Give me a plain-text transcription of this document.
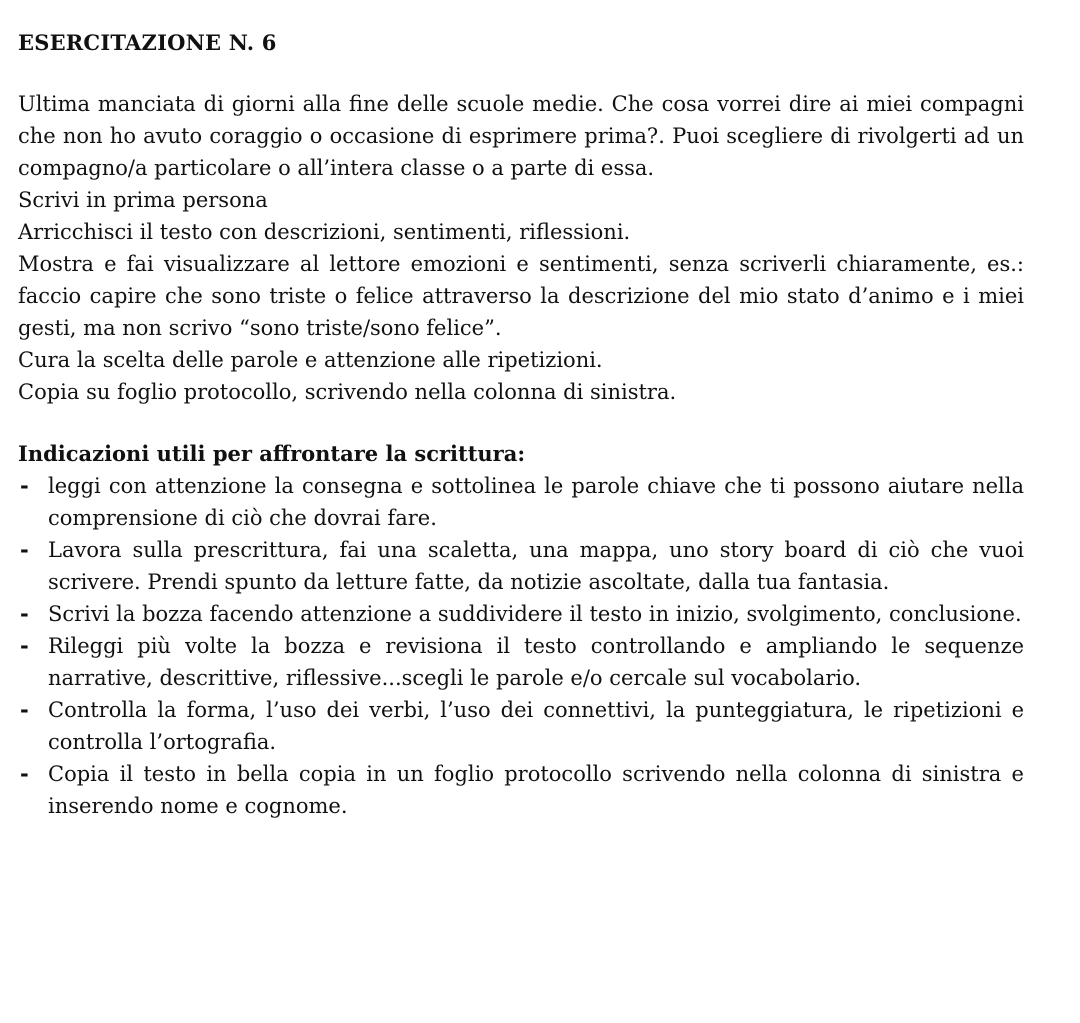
ESERCITAZIONE N. 6

Ultima manciata di giorni alla fine delle scuole medie. Che cosa vorrei dire ai miei compagni che non ho avuto coraggio o occasione di esprimere prima?. Puoi scegliere di rivolgerti ad un compagno/a particolare o all’intera classe o a parte di essa.

Scrivi in prima persona

Arricchisci il testo con descrizioni, sentimenti, riflessioni.

Mostra e fai visualizzare al lettore emozioni e sentimenti, senza scriverli chiaramente, es.: faccio capire che sono triste o felice attraverso la descrizione del mio stato d’animo e i miei gesti, ma non scrivo “sono triste/sono felice”.

Cura la scelta delle parole e attenzione alle ripetizioni.

Copia su foglio protocollo, scrivendo nella colonna di sinistra.

Indicazioni utili per affrontare la scrittura:
- leggi con attenzione la consegna e sottolinea le parole chiave che ti possono aiutare nella comprensione di ciò che dovrai fare.
- Lavora sulla prescrittura, fai una scaletta, una mappa, uno story board di ciò che vuoi scrivere. Prendi spunto da letture fatte, da notizie ascoltate, dalla tua fantasia.
- Scrivi la bozza facendo attenzione a suddividere il testo in inizio, svolgimento, conclusione.
- Rileggi più volte la bozza e revisiona il testo controllando e ampliando le sequenze narrative, descrittive, riflessive...scegli le parole e/o cercale sul vocabolario.
- Controlla la forma, l’uso dei verbi, l’uso dei connettivi, la punteggiatura, le ripetizioni e controlla l’ortografia.
- Copia il testo in bella copia in un foglio protocollo scrivendo nella colonna di sinistra e inserendo nome e cognome.
